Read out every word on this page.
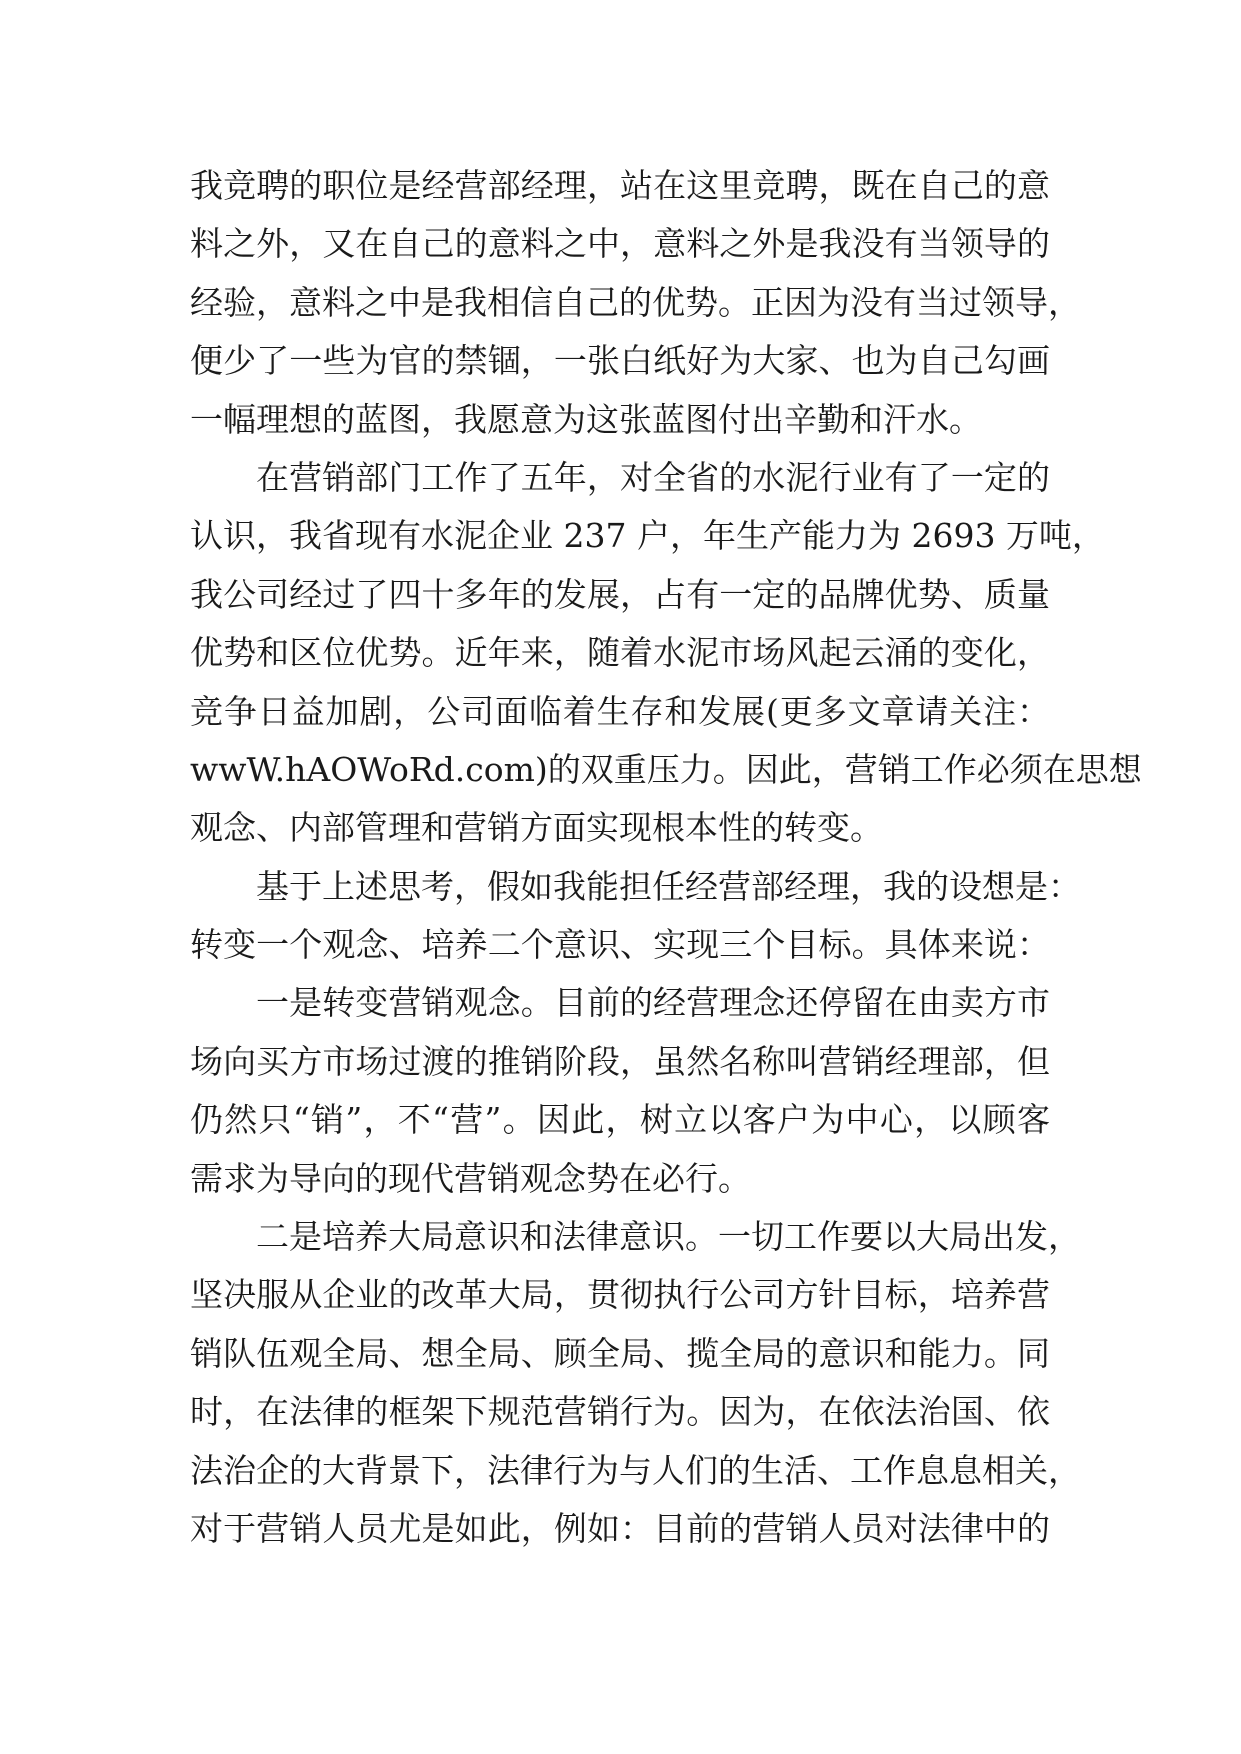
我竞聘的职位是经营部经理，站在这里竞聘，既在自己的意
料之外，又在自己的意料之中，意料之外是我没有当领导的
经验，意料之中是我相信自己的优势。正因为没有当过领导，
便少了一些为官的禁锢，一张白纸好为大家、也为自己勾画
一幅理想的蓝图，我愿意为这张蓝图付出辛勤和汗水。
在营销部门工作了五年，对全省的水泥行业有了一定的
认识，我省现有水泥企业 237 户，年生产能力为 2693 万吨，
我公司经过了四十多年的发展，占有一定的品牌优势、质量
优势和区位优势。近年来，随着水泥市场风起云涌的变化，
竞争日益加剧，公司面临着生存和发展(更多文章请关注：
wwW.hAOWoRd.com)的双重压力。因此，营销工作必须在思想
观念、内部管理和营销方面实现根本性的转变。
基于上述思考，假如我能担任经营部经理，我的设想是：
转变一个观念、培养二个意识、实现三个目标。具体来说：
一是转变营销观念。目前的经营理念还停留在由卖方市
场向买方市场过渡的推销阶段，虽然名称叫营销经理部，但
仍然只“销”，不“营”。因此，树立以客户为中心，以顾客
需求为导向的现代营销观念势在必行。
二是培养大局意识和法律意识。一切工作要以大局出发，
坚决服从企业的改革大局，贯彻执行公司方针目标，培养营
销队伍观全局、想全局、顾全局、揽全局的意识和能力。同
时，在法律的框架下规范营销行为。因为，在依法治国、依
法治企的大背景下，法律行为与人们的生活、工作息息相关，
对于营销人员尤是如此，例如：目前的营销人员对法律中的
